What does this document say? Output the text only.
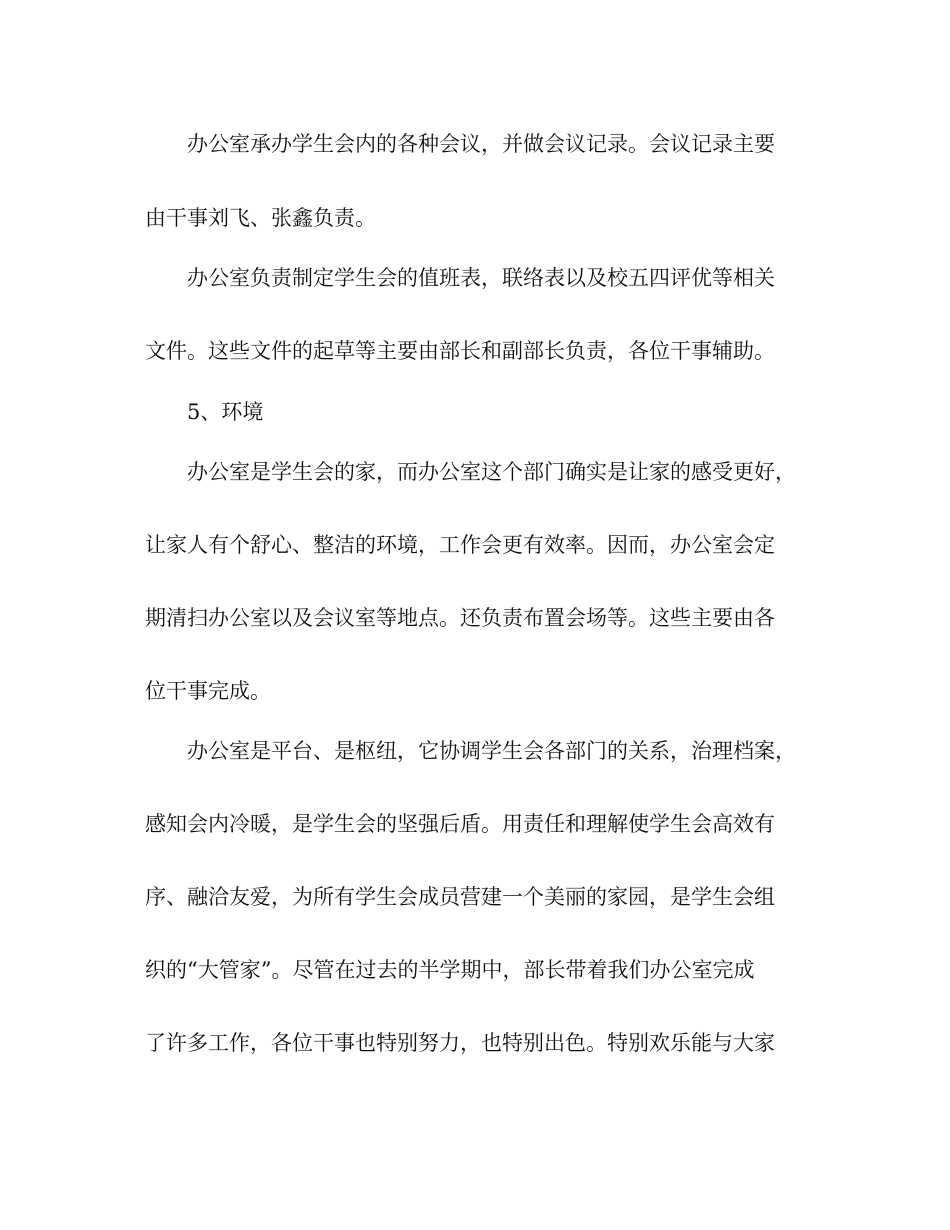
办公室承办学生会内的各种会议，并做会议记录。会议记录主要
由干事刘飞、张鑫负责。
办公室负责制定学生会的值班表，联络表以及校五四评优等相关
文件。这些文件的起草等主要由部长和副部长负责，各位干事辅助。
5、环境
办公室是学生会的家，而办公室这个部门确实是让家的感受更好，
让家人有个舒心、整洁的环境，工作会更有效率。因而，办公室会定
期清扫办公室以及会议室等地点。还负责布置会场等。这些主要由各
位干事完成。
办公室是平台、是枢纽，它协调学生会各部门的关系，治理档案，
感知会内冷暖，是学生会的坚强后盾。用责任和理解使学生会高效有
序、融洽友爱，为所有学生会成员营建一个美丽的家园，是学生会组
织的“大管家”。尽管在过去的半学期中，部长带着我们办公室完成
了许多工作，各位干事也特别努力，也特别出色。特别欢乐能与大家
